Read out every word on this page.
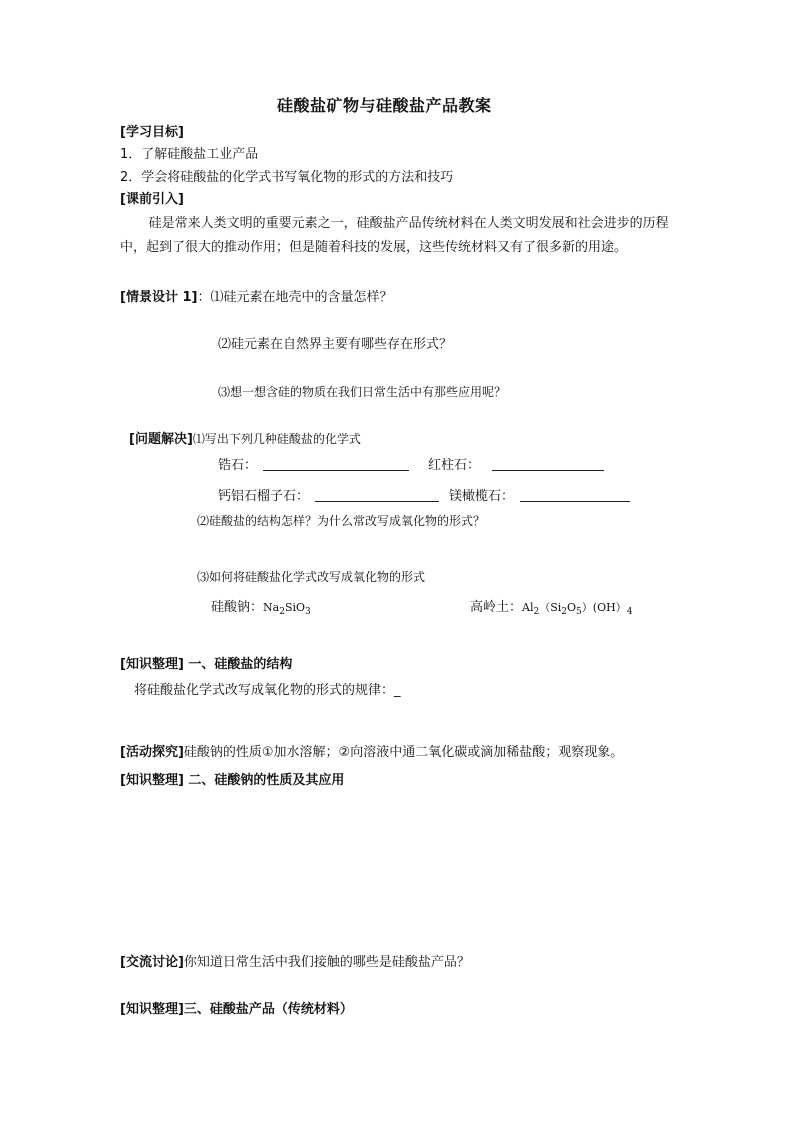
硅酸盐矿物与硅酸盐产品教案
[学习目标]
1．了解硅酸盐工业产品
2．学会将硅酸盐的化学式书写氧化物的形式的方法和技巧
[课前引入]
硅是常来人类文明的重要元素之一，硅酸盐产品传统材料在人类文明发展和社会进步的历程中，起到了很大的推动作用；但是随着科技的发展，这些传统材料又有了很多新的用途。
[情景设计 1]：⑴硅元素在地壳中的含量怎样？
⑵硅元素在自然界主要有哪些存在形式？
⑶想一想含硅的物质在我们日常生活中有那些应用呢？
[问题解决]⑴写出下列几种硅酸盐的化学式
锆石：	红柱石：
钙铝石榴子石：	镁橄榄石：
⑵硅酸盐的结构怎样？为什么常改写成氧化物的形式？
⑶如何将硅酸盐化学式改写成氧化物的形式
硅酸钠：$Na_2SiO_3$	高岭土：$Al_2(Si_2O_5)(OH)_4$
[知识整理] 一、硅酸盐的结构
将硅酸盐化学式改写成氧化物的形式的规律：_
[活动探究]硅酸钠的性质①加水溶解；②向溶液中通二氧化碳或滴加稀盐酸；观察现象。
[知识整理] 二、硅酸钠的性质及其应用
[交流讨论]你知道日常生活中我们接触的哪些是硅酸盐产品？
[知识整理]三、硅酸盐产品（传统材料）
